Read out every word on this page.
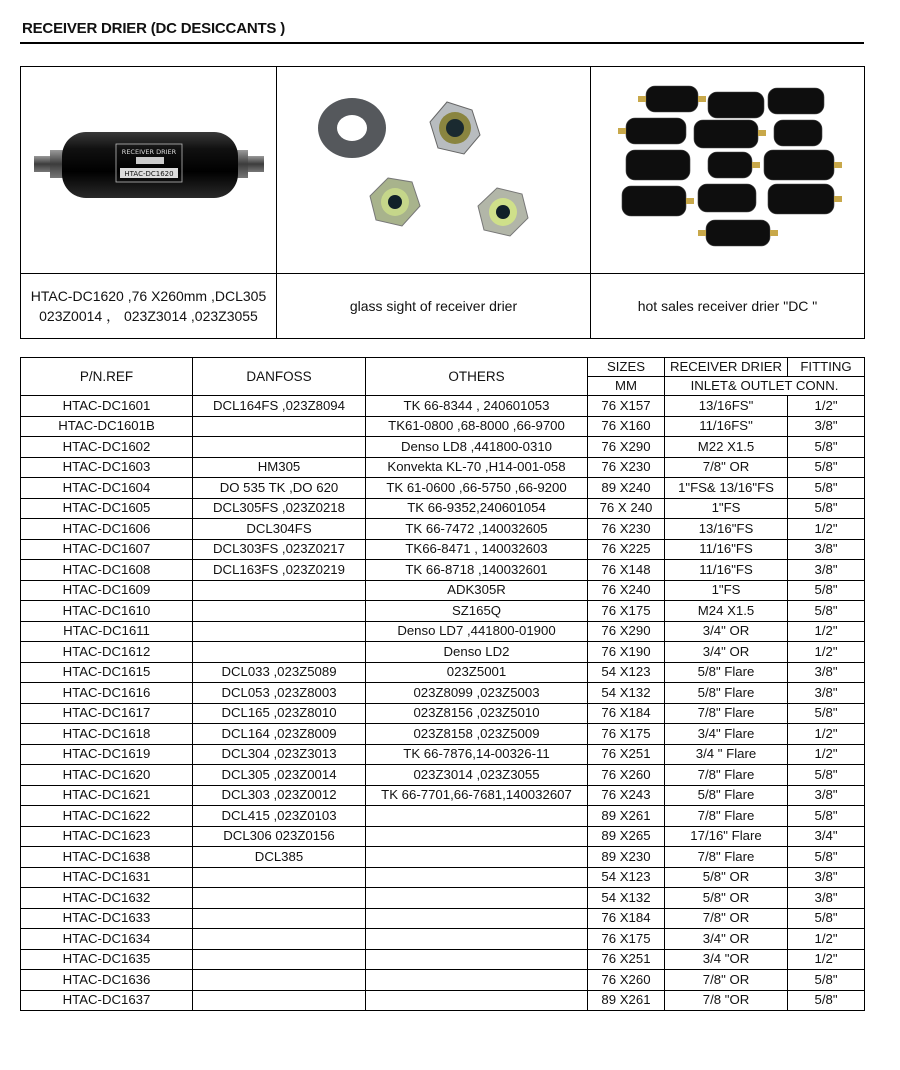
RECEIVER DRIER (DC DESICCANTS )
RECEIVER DRIER
HTAC-DC1620

HTAC-DC1620 ,76 X260mm ,DCL305
023Z0014 ， 023Z3014 ,023Z3055	glass sight of receiver drier	hot sales receiver drier "DC "
P/N.REF	DANFOSS	OTHERS	SIZES	RECEIVER DRIER	FITTING
			MM	INLET& OUTLET CONN.	
HTAC-DC1601	DCL164FS ,023Z8094	TK 66-8344 , 240601053	76 X157	13/16FS"	1/2"
HTAC-DC1601B		TK61-0800 ,68-8000 ,66-9700	76 X160	11/16FS"	3/8"
HTAC-DC1602		Denso LD8 ,441800-0310	76 X290	M22 X1.5	5/8"
HTAC-DC1603	HM305	Konvekta KL-70 ,H14-001-058	76 X230	7/8" OR	5/8"
HTAC-DC1604	DO 535 TK ,DO 620	TK 61-0600 ,66-5750 ,66-9200	89 X240	1"FS& 13/16"FS	5/8"
HTAC-DC1605	DCL305FS ,023Z0218	TK 66-9352,240601054	76 X 240	1"FS	5/8"
HTAC-DC1606	DCL304FS	TK 66-7472 ,140032605	76 X230	13/16"FS	1/2"
HTAC-DC1607	DCL303FS ,023Z0217	TK66-8471 , 140032603	76 X225	11/16"FS	3/8"
HTAC-DC1608	DCL163FS ,023Z0219	TK 66-8718 ,140032601	76 X148	11/16"FS	3/8"
HTAC-DC1609		ADK305R	76 X240	1"FS	5/8"
HTAC-DC1610		SZ165Q	76 X175	M24 X1.5	5/8"
HTAC-DC1611		Denso LD7 ,441800-01900	76 X290	3/4" OR	1/2"
HTAC-DC1612		Denso LD2	76 X190	3/4" OR	1/2"
HTAC-DC1615	DCL033 ,023Z5089	023Z5001	54 X123	5/8" Flare	3/8"
HTAC-DC1616	DCL053 ,023Z8003	023Z8099 ,023Z5003	54 X132	5/8" Flare	3/8"
HTAC-DC1617	DCL165 ,023Z8010	023Z8156 ,023Z5010	76 X184	7/8" Flare	5/8"
HTAC-DC1618	DCL164 ,023Z8009	023Z8158 ,023Z5009	76 X175	3/4" Flare	1/2"
HTAC-DC1619	DCL304 ,023Z3013	TK 66-7876,14-00326-11	76 X251	3/4 " Flare	1/2"
HTAC-DC1620	DCL305 ,023Z0014	023Z3014 ,023Z3055	76 X260	7/8" Flare	5/8"
HTAC-DC1621	DCL303 ,023Z0012	TK 66-7701,66-7681,140032607	76 X243	5/8" Flare	3/8"
HTAC-DC1622	DCL415 ,023Z0103		89 X261	7/8" Flare	5/8"
HTAC-DC1623	DCL306 023Z0156		89 X265	17/16" Flare	3/4"
HTAC-DC1638	DCL385		89 X230	7/8" Flare	5/8"
HTAC-DC1631			54 X123	5/8" OR	3/8"
HTAC-DC1632			54 X132	5/8" OR	3/8"
HTAC-DC1633			76 X184	7/8" OR	5/8"
HTAC-DC1634			76 X175	3/4" OR	1/2"
HTAC-DC1635			76 X251	3/4 "OR	1/2"
HTAC-DC1636			76 X260	7/8" OR	5/8"
HTAC-DC1637			89 X261	7/8 "OR	5/8"
